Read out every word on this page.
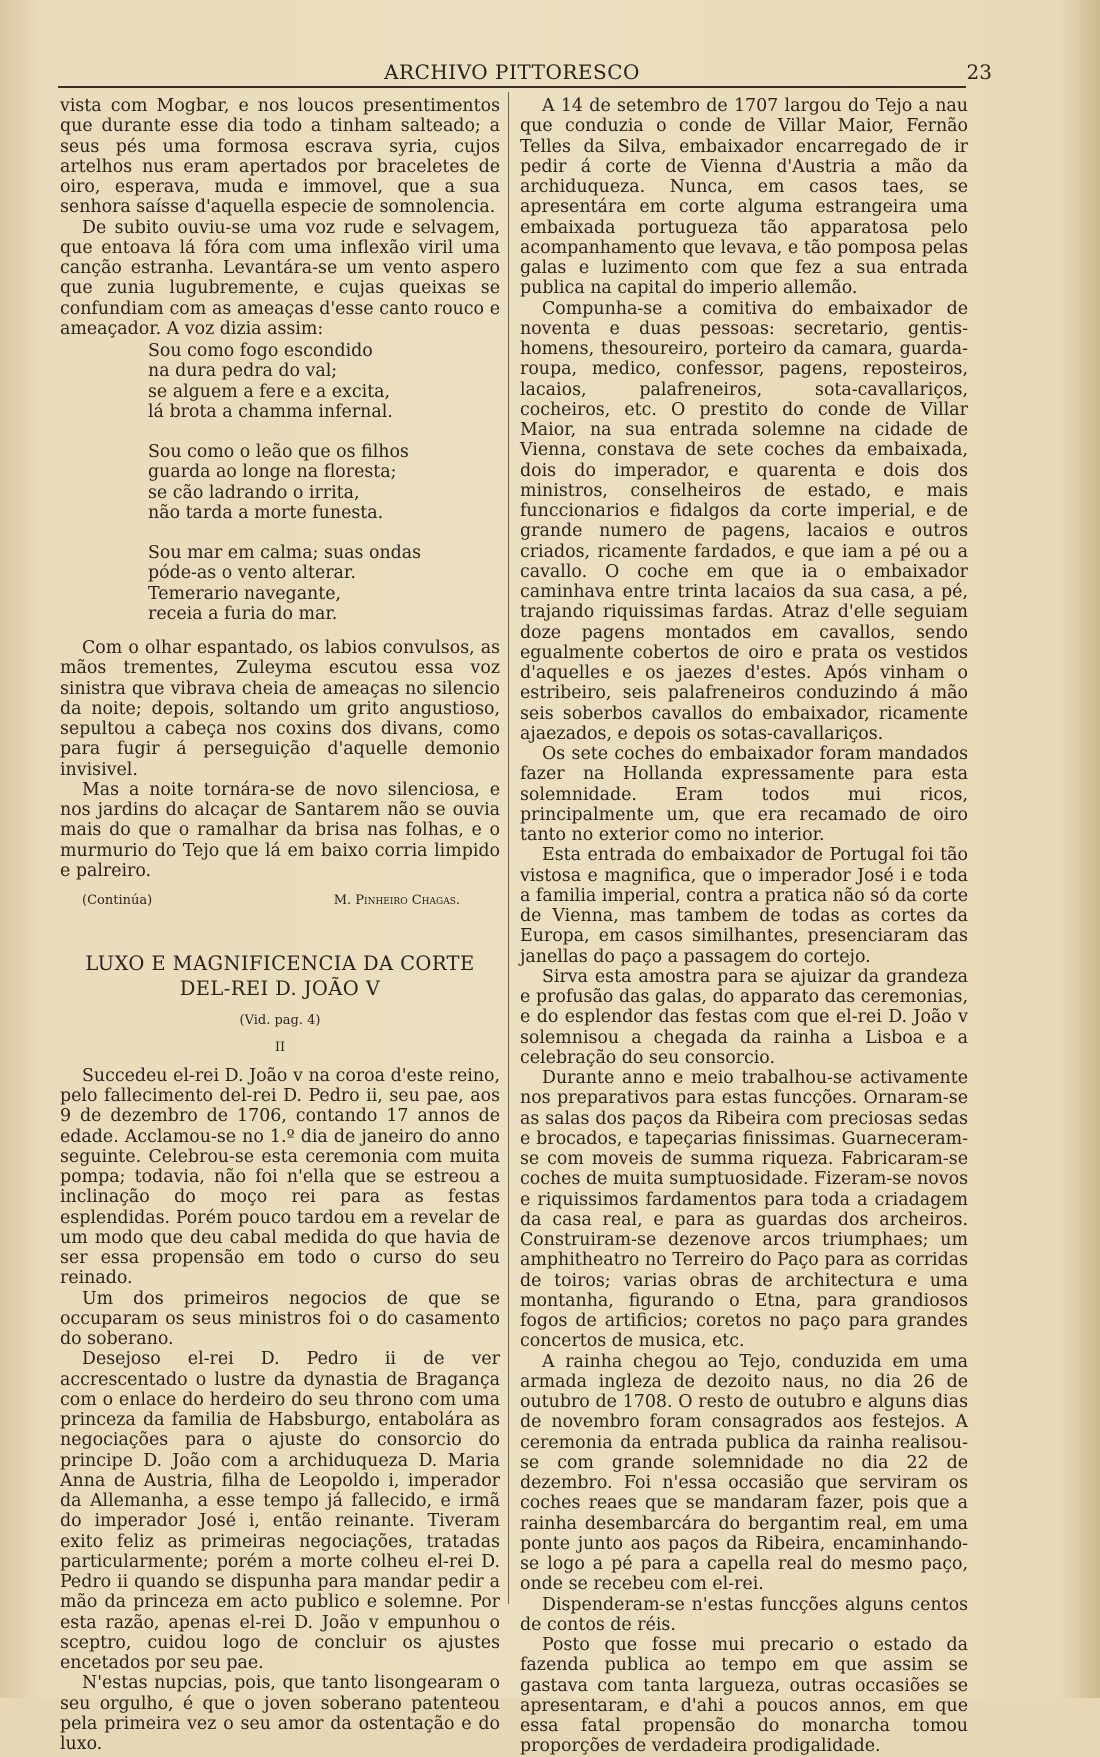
ARCHIVO PITTORESCO	23

vista com Mogbar, e nos loucos presentimentos que durante esse dia todo a tinham salteado; a seus pés uma formosa escrava syria, cujos artelhos nus eram apertados por braceletes de oiro, esperava, muda e immovel, que a sua senhora saísse d'aquella especie de somnolencia.

De subito ouviu-se uma voz rude e selvagem, que entoava lá fóra com uma inflexão viril uma canção estranha. Levantára-se um vento aspero que zunia lugubremente, e cujas queixas se confundiam com as ameaças d'esse canto rouco e ameaçador. A voz dizia assim:

Sou como fogo escondido

na dura pedra do val;

se alguem a fere e a excita,

lá brota a chamma infernal.

Sou como o leão que os filhos

guarda ao longe na floresta;

se cão ladrando o irrita,

não tarda a morte funesta.

Sou mar em calma; suas ondas

póde-as o vento alterar.

Temerario navegante,

receia a furia do mar.

Com o olhar espantado, os labios convulsos, as mãos trementes, Zuleyma escutou essa voz sinistra que vibrava cheia de ameaças no silencio da noite; depois, soltando um grito angustioso, sepultou a cabeça nos coxins dos divans, como para fugir á perseguição d'aquelle demonio invisivel.

Mas a noite tornára-se de novo silenciosa, e nos jardins do alcaçar de Santarem não se ouvia mais do que o ramalhar da brisa nas folhas, e o murmurio do Tejo que lá em baixo corria limpido e palreiro.

(Continúa)	M. Pinheiro Chagas.

LUXO E MAGNIFICENCIA DA CORTE
DEL-REI D. JOÃO V

(Vid. pag. 4)

II

Succedeu el-rei D. João v na coroa d'este reino, pelo fallecimento del-rei D. Pedro ii, seu pae, aos 9 de dezembro de 1706, contando 17 annos de edade. Acclamou-se no 1.º dia de janeiro do anno seguinte. Celebrou-se esta ceremonia com muita pompa; todavia, não foi n'ella que se estreou a inclinação do moço rei para as festas esplendidas. Porém pouco tardou em a revelar de um modo que deu cabal medida do que havia de ser essa propensão em todo o curso do seu reinado.

Um dos primeiros negocios de que se occuparam os seus ministros foi o do casamento do soberano.

Desejoso el-rei D. Pedro ii de ver accrescentado o lustre da dynastia de Bragança com o enlace do herdeiro do seu throno com uma princeza da familia de Habsburgo, entabolára as negociações para o ajuste do consorcio do principe D. João com a archiduqueza D. Maria Anna de Austria, filha de Leopoldo i, imperador da Allemanha, a esse tempo já fallecido, e irmã do imperador José i, então reinante. Tiveram exito feliz as primeiras negociações, tratadas particularmente; porém a morte colheu el-rei D. Pedro ii quando se dispunha para mandar pedir a mão da princeza em acto publico e solemne. Por esta razão, apenas el-rei D. João v empunhou o sceptro, cuidou logo de concluir os ajustes encetados por seu pae.

N'estas nupcias, pois, que tanto lisongearam o seu orgulho, é que o joven soberano patenteou pela primeira vez o seu amor da ostentação e do luxo.

A 14 de setembro de 1707 largou do Tejo a nau que conduzia o conde de Villar Maior, Fernão Telles da Silva, embaixador encarregado de ir pedir á corte de Vienna d'Austria a mão da archiduqueza. Nunca, em casos taes, se apresentára em corte alguma estrangeira uma embaixada portugueza tão apparatosa pelo acompanhamento que levava, e tão pomposa pelas galas e luzimento com que fez a sua entrada publica na capital do imperio allemão.

Compunha-se a comitiva do embaixador de noventa e duas pessoas: secretario, gentis-homens, thesoureiro, porteiro da camara, guarda-roupa, medico, confessor, pagens, reposteiros, lacaios, palafreneiros, sota-cavallariços, cocheiros, etc. O prestito do conde de Villar Maior, na sua entrada solemne na cidade de Vienna, constava de sete coches da embaixada, dois do imperador, e quarenta e dois dos ministros, conselheiros de estado, e mais funccionarios e fidalgos da corte imperial, e de grande numero de pagens, lacaios e outros criados, ricamente fardados, e que iam a pé ou a cavallo. O coche em que ia o embaixador caminhava entre trinta lacaios da sua casa, a pé, trajando riquissimas fardas. Atraz d'elle seguiam doze pagens montados em cavallos, sendo egualmente cobertos de oiro e prata os vestidos d'aquelles e os jaezes d'estes. Após vinham o estribeiro, seis palafreneiros conduzindo á mão seis soberbos cavallos do embaixador, ricamente ajaezados, e depois os sotas-cavallariços.

Os sete coches do embaixador foram mandados fazer na Hollanda expressamente para esta solemnidade. Eram todos mui ricos, principalmente um, que era recamado de oiro tanto no exterior como no interior.

Esta entrada do embaixador de Portugal foi tão vistosa e magnifica, que o imperador José i e toda a familia imperial, contra a pratica não só da corte de Vienna, mas tambem de todas as cortes da Europa, em casos similhantes, presenciaram das janellas do paço a passagem do cortejo.

Sirva esta amostra para se ajuizar da grandeza e profusão das galas, do apparato das ceremonias, e do esplendor das festas com que el-rei D. João v solemnisou a chegada da rainha a Lisboa e a celebração do seu consorcio.

Durante anno e meio trabalhou-se activamente nos preparativos para estas funcções. Ornaram-se as salas dos paços da Ribeira com preciosas sedas e brocados, e tapeçarias finissimas. Guarneceram-se com moveis de summa riqueza. Fabricaram-se coches de muita sumptuosidade. Fizeram-se novos e riquissimos fardamentos para toda a criadagem da casa real, e para as guardas dos archeiros. Construiram-se dezenove arcos triumphaes; um amphitheatro no Terreiro do Paço para as corridas de toiros; varias obras de architectura e uma montanha, figurando o Etna, para grandiosos fogos de artificios; coretos no paço para grandes concertos de musica, etc.

A rainha chegou ao Tejo, conduzida em uma armada ingleza de dezoito naus, no dia 26 de outubro de 1708. O resto de outubro e alguns dias de novembro foram consagrados aos festejos. A ceremonia da entrada publica da rainha realisou-se com grande solemnidade no dia 22 de dezembro. Foi n'essa occasião que serviram os coches reaes que se mandaram fazer, pois que a rainha desembarcára do bergantim real, em uma ponte junto aos paços da Ribeira, encaminhando-se logo a pé para a capella real do mesmo paço, onde se recebeu com el-rei.

Dispenderam-se n'estas funcções alguns centos de contos de réis.

Posto que fosse mui precario o estado da fazenda publica ao tempo em que assim se gastava com tanta largueza, outras occasiões se apresentaram, e d'ahi a poucos annos, em que essa fatal propensão do monarcha tomou proporções de verdadeira prodigalidade.
